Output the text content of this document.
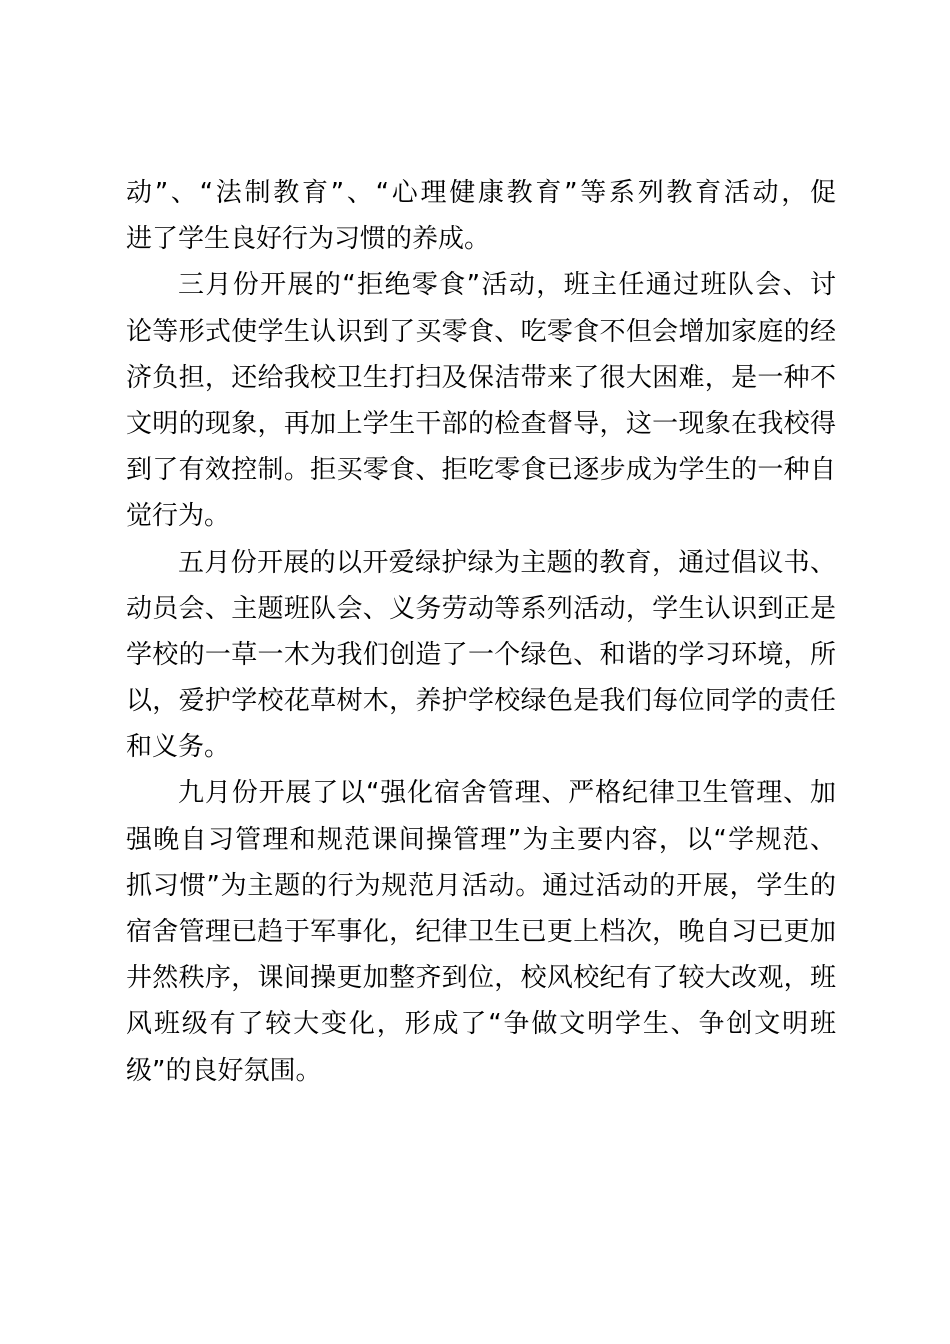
动”、“法制教育”、“心理健康教育”等系列教育活动，促
进了学生良好行为习惯的养成。
三月份开展的“拒绝零食”活动，班主任通过班队会、讨
论等形式使学生认识到了买零食、吃零食不但会增加家庭的经
济负担，还给我校卫生打扫及保洁带来了很大困难，是一种不
文明的现象，再加上学生干部的检查督导，这一现象在我校得
到了有效控制。拒买零食、拒吃零食已逐步成为学生的一种自
觉行为。
五月份开展的以开爱绿护绿为主题的教育，通过倡议书、
动员会、主题班队会、义务劳动等系列活动，学生认识到正是
学校的一草一木为我们创造了一个绿色、和谐的学习环境，所
以，爱护学校花草树木，养护学校绿色是我们每位同学的责任
和义务。
九月份开展了以“强化宿舍管理、严格纪律卫生管理、加
强晚自习管理和规范课间操管理”为主要内容，以“学规范、
抓习惯”为主题的行为规范月活动。通过活动的开展，学生的
宿舍管理已趋于军事化，纪律卫生已更上档次，晚自习已更加
井然秩序，课间操更加整齐到位，校风校纪有了较大改观，班
风班级有了较大变化，形成了“争做文明学生、争创文明班
级”的良好氛围。
